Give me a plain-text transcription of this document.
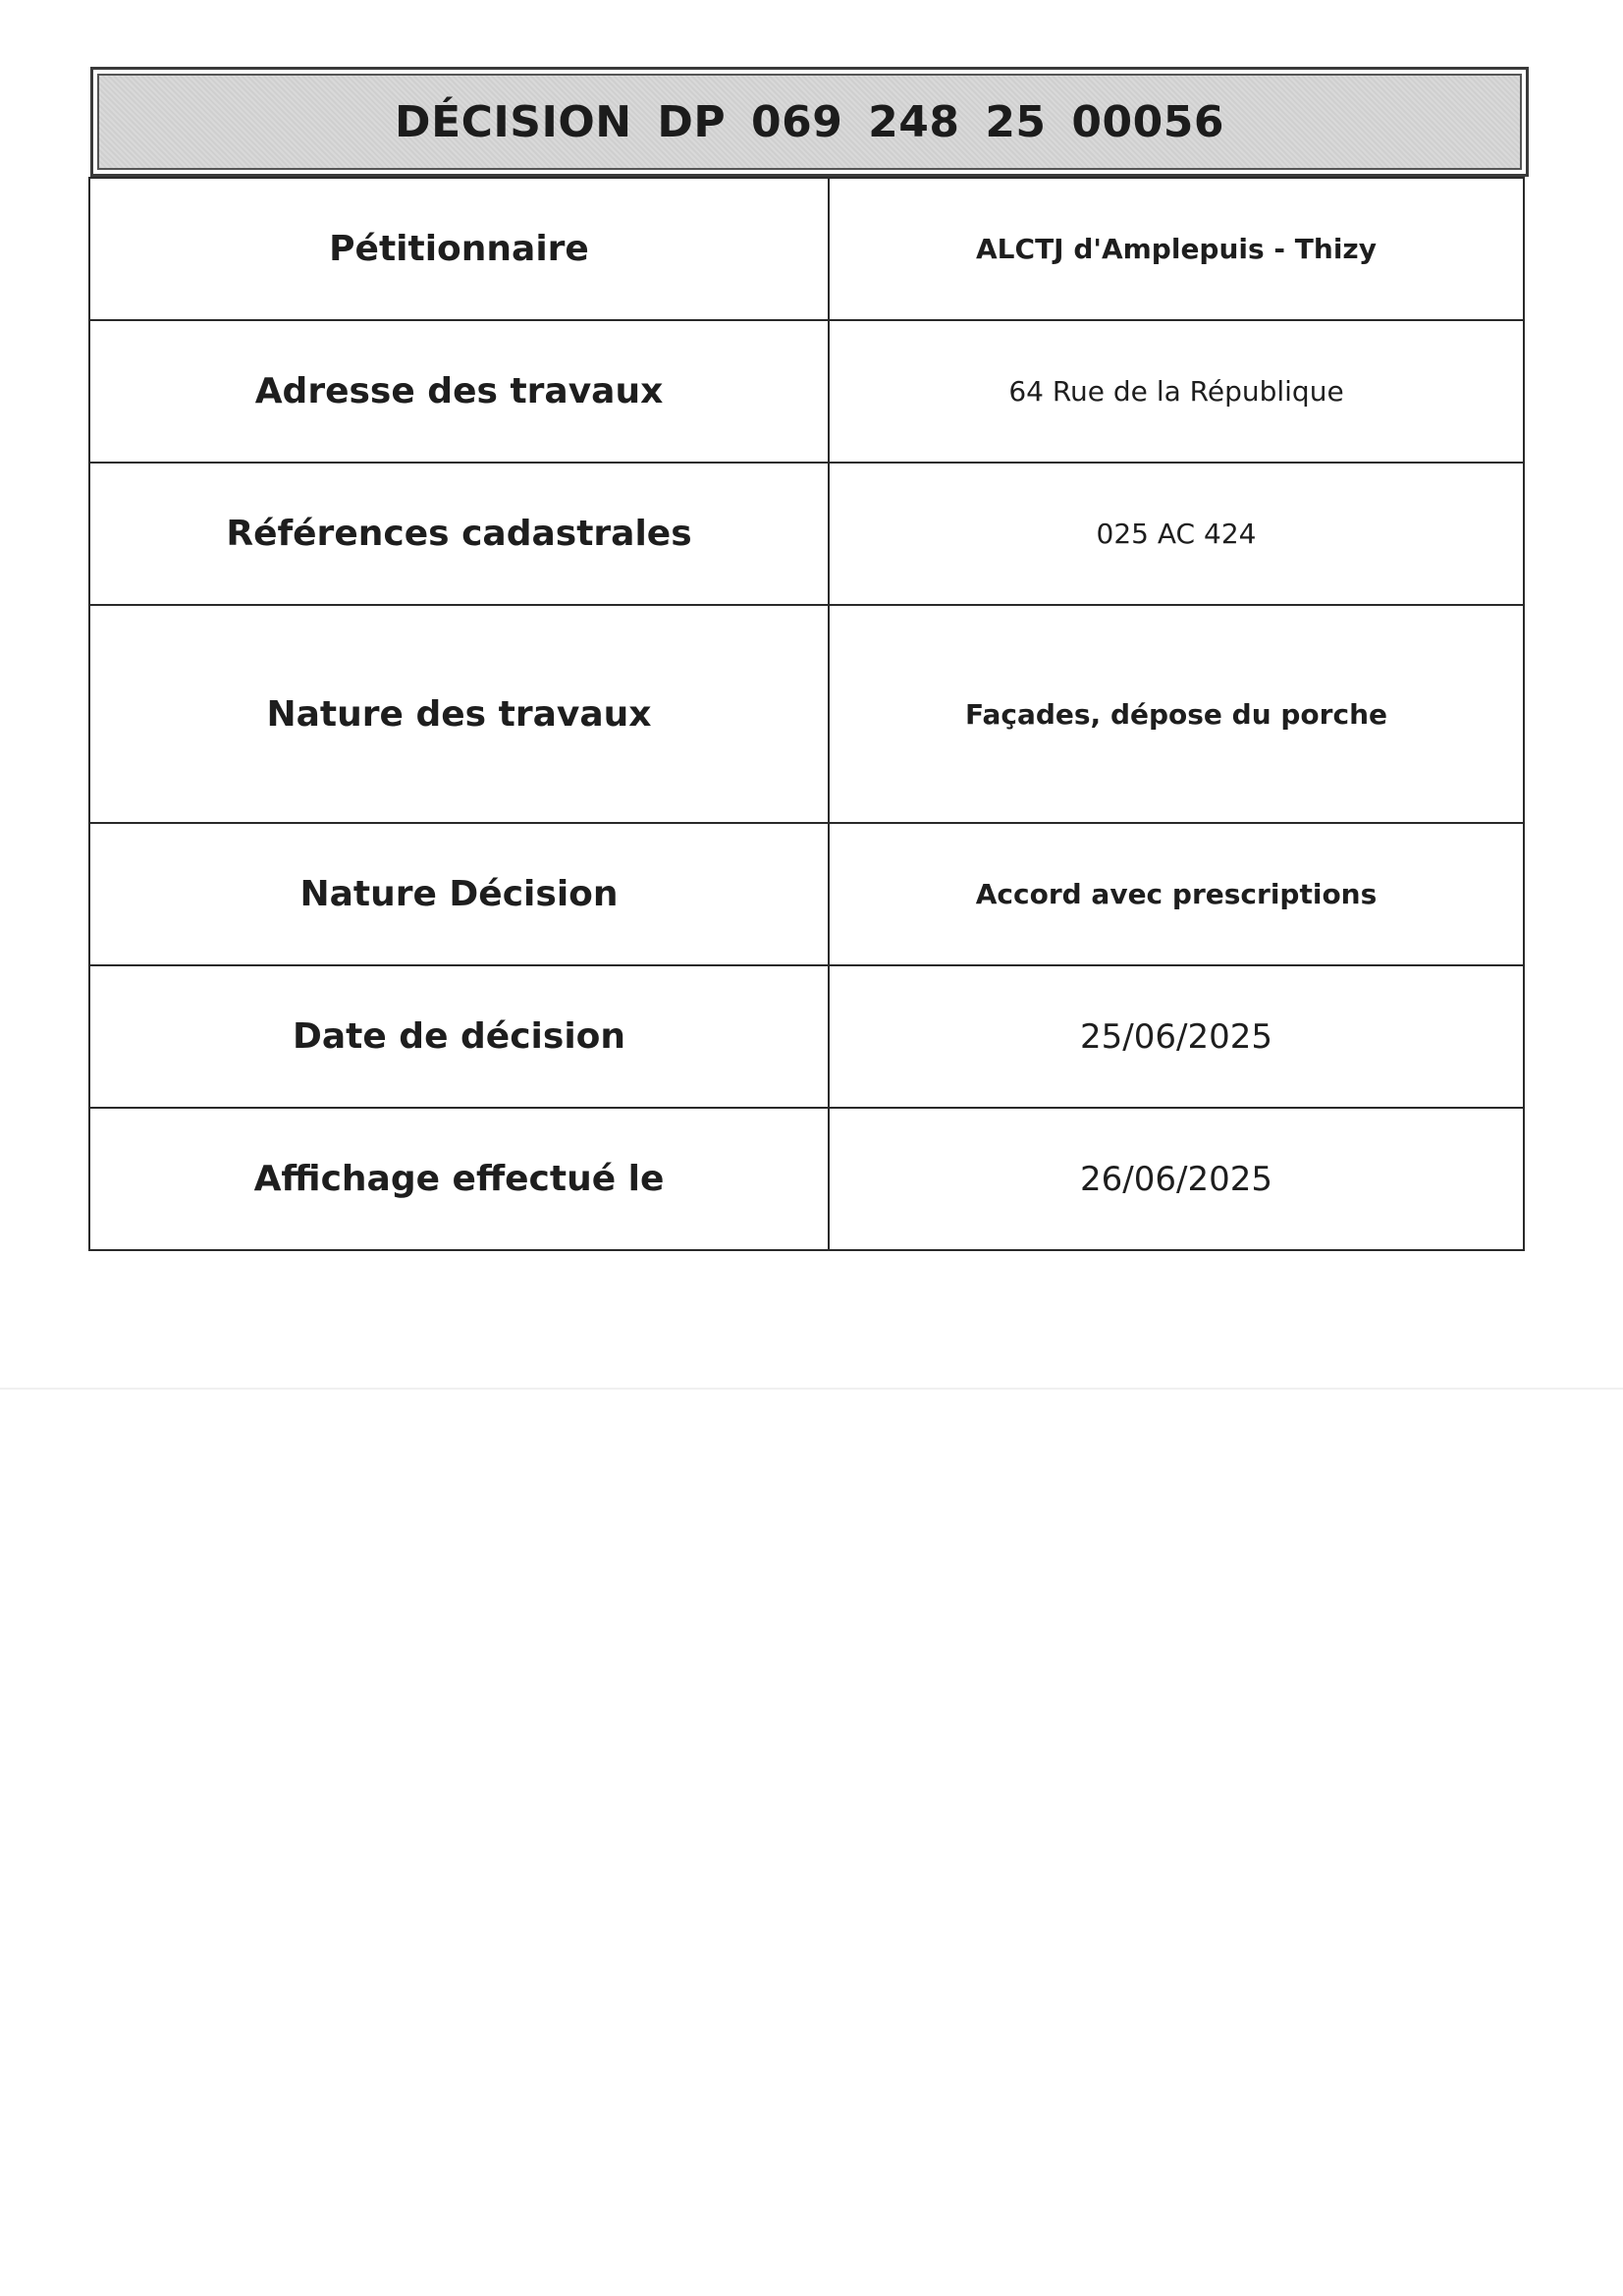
DÉCISION DP 069 248 25 00056
Pétitionnaire	ALCTJ d'Amplepuis - Thizy
Adresse des travaux	64 Rue de la République
Références cadastrales	025 AC 424
Nature des travaux	Façades, dépose du porche
Nature Décision	Accord avec prescriptions
Date de décision	25/06/2025
Affichage effectué le	26/06/2025
